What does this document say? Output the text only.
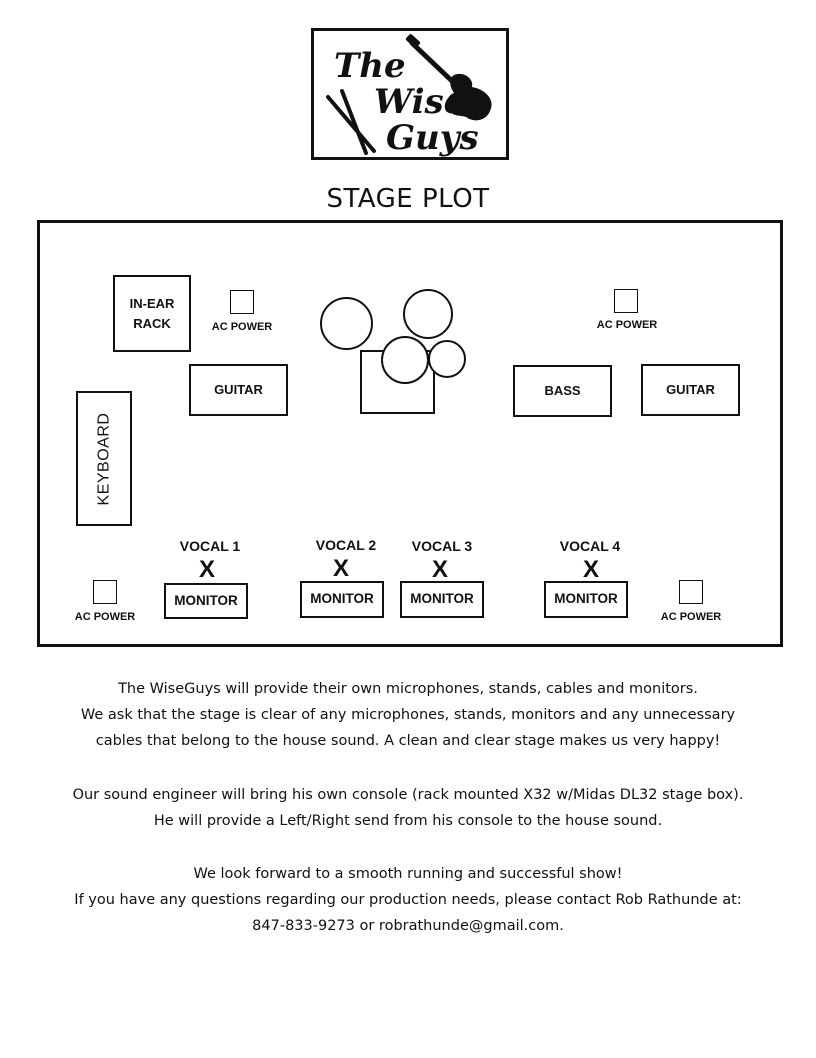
The
Wise
Guys
STAGE PLOT
IN-EAR RACK	AC POWER	AC POWER
GUITAR	BASS	GUITAR
KEYBOARD
VOCAL 1
X
VOCAL 2
X
VOCAL 3
X
VOCAL 4
X
MONITOR	MONITOR	MONITOR	MONITOR
AC POWER	AC POWER
The WiseGuys will provide their own microphones, stands, cables and monitors.
We ask that the stage is clear of any microphones, stands, monitors and any unnecessary
cables that belong to the house sound. A clean and clear stage makes us very happy!
Our sound engineer will bring his own console (rack mounted X32 w/Midas DL32 stage box).
He will provide a Left/Right send from his console to the house sound.
We look forward to a smooth running and successful show!
If you have any questions regarding our production needs, please contact Rob Rathunde at:
847-833-9273 or robrathunde@gmail.com.
